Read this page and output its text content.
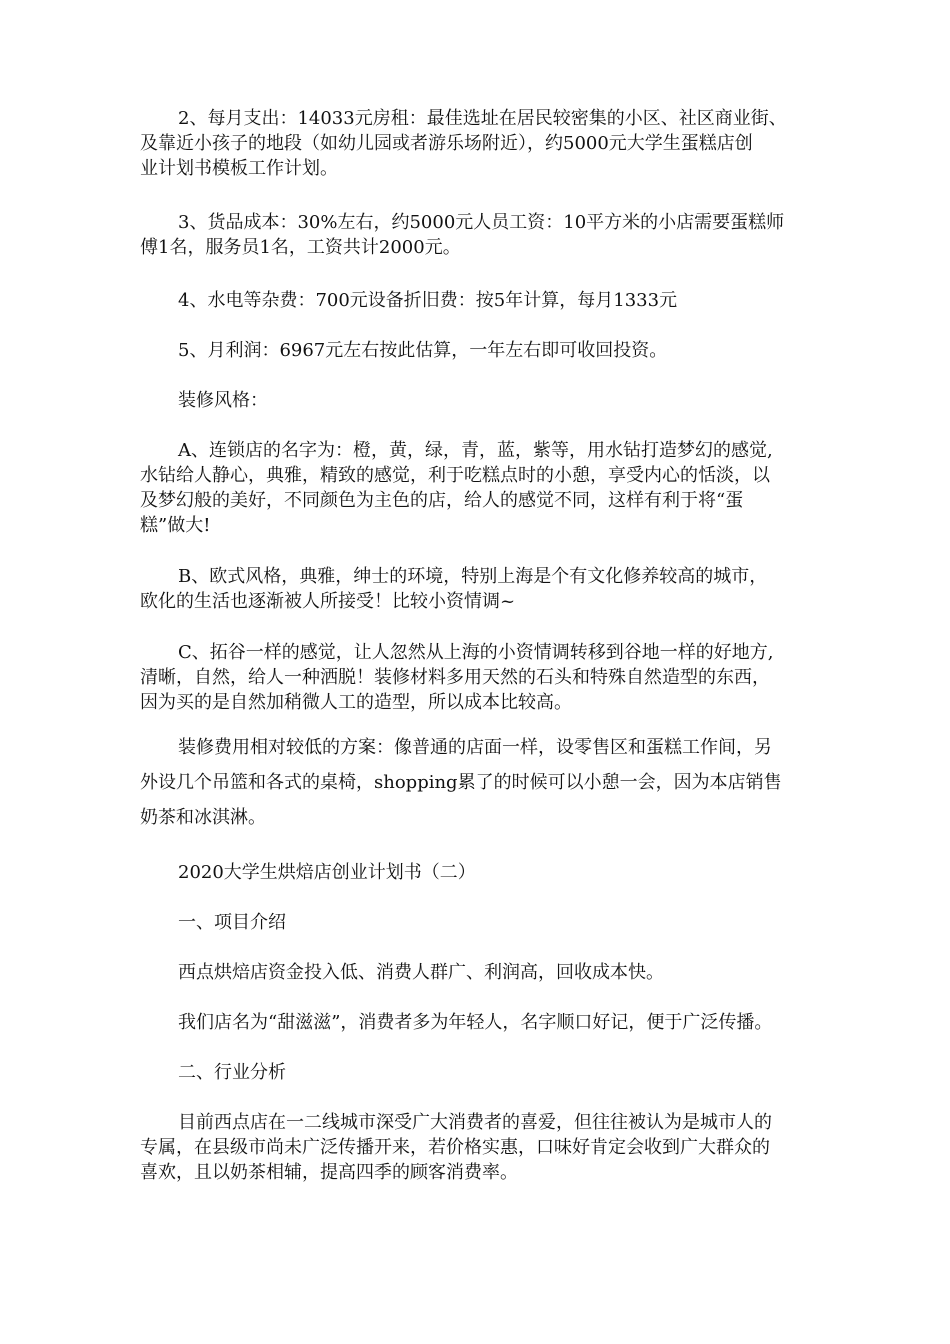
2、每月支出：14033元房租：最佳选址在居民较密集的小区、社区商业街、
及靠近小孩子的地段（如幼儿园或者游乐场附近），约5000元大学生蛋糕店创
业计划书模板工作计划。

3、货品成本：30%左右，约5000元人员工资：10平方米的小店需要蛋糕师
傅1名，服务员1名，工资共计2000元。

4、水电等杂费：700元设备折旧费：按5年计算，每月1333元

5、月利润：6967元左右按此估算，一年左右即可收回投资。

装修风格：

A、连锁店的名字为：橙，黄，绿，青，蓝，紫等，用水钻打造梦幻的感觉,
水钻给人静心，典雅，精致的感觉，利于吃糕点时的小憩，享受内心的恬淡，以
及梦幻般的美好，不同颜色为主色的店，给人的感觉不同，这样有利于将“蛋
糕”做大!

B、欧式风格，典雅，绅士的环境，特别上海是个有文化修养较高的城市，
欧化的生活也逐渐被人所接受！比较小资情调~

C、拓谷一样的感觉，让人忽然从上海的小资情调转移到谷地一样的好地方,
清晰，自然，给人一种洒脱！装修材料多用天然的石头和特殊自然造型的东西，
因为买的是自然加稍微人工的造型，所以成本比较高。

装修费用相对较低的方案：像普通的店面一样，设零售区和蛋糕工作间，另
外设几个吊篮和各式的桌椅，shopping累了的时候可以小憩一会，因为本店销售
奶茶和冰淇淋。

2020大学生烘焙店创业计划书（二）

一、项目介绍

西点烘焙店资金投入低、消费人群广、利润高，回收成本快。

我们店名为“甜滋滋”，消费者多为年轻人，名字顺口好记，便于广泛传播。

二、行业分析

目前西点店在一二线城市深受广大消费者的喜爱，但往往被认为是城市人的
专属，在县级市尚未广泛传播开来，若价格实惠，口味好肯定会收到广大群众的
喜欢，且以奶茶相辅，提高四季的顾客消费率。
